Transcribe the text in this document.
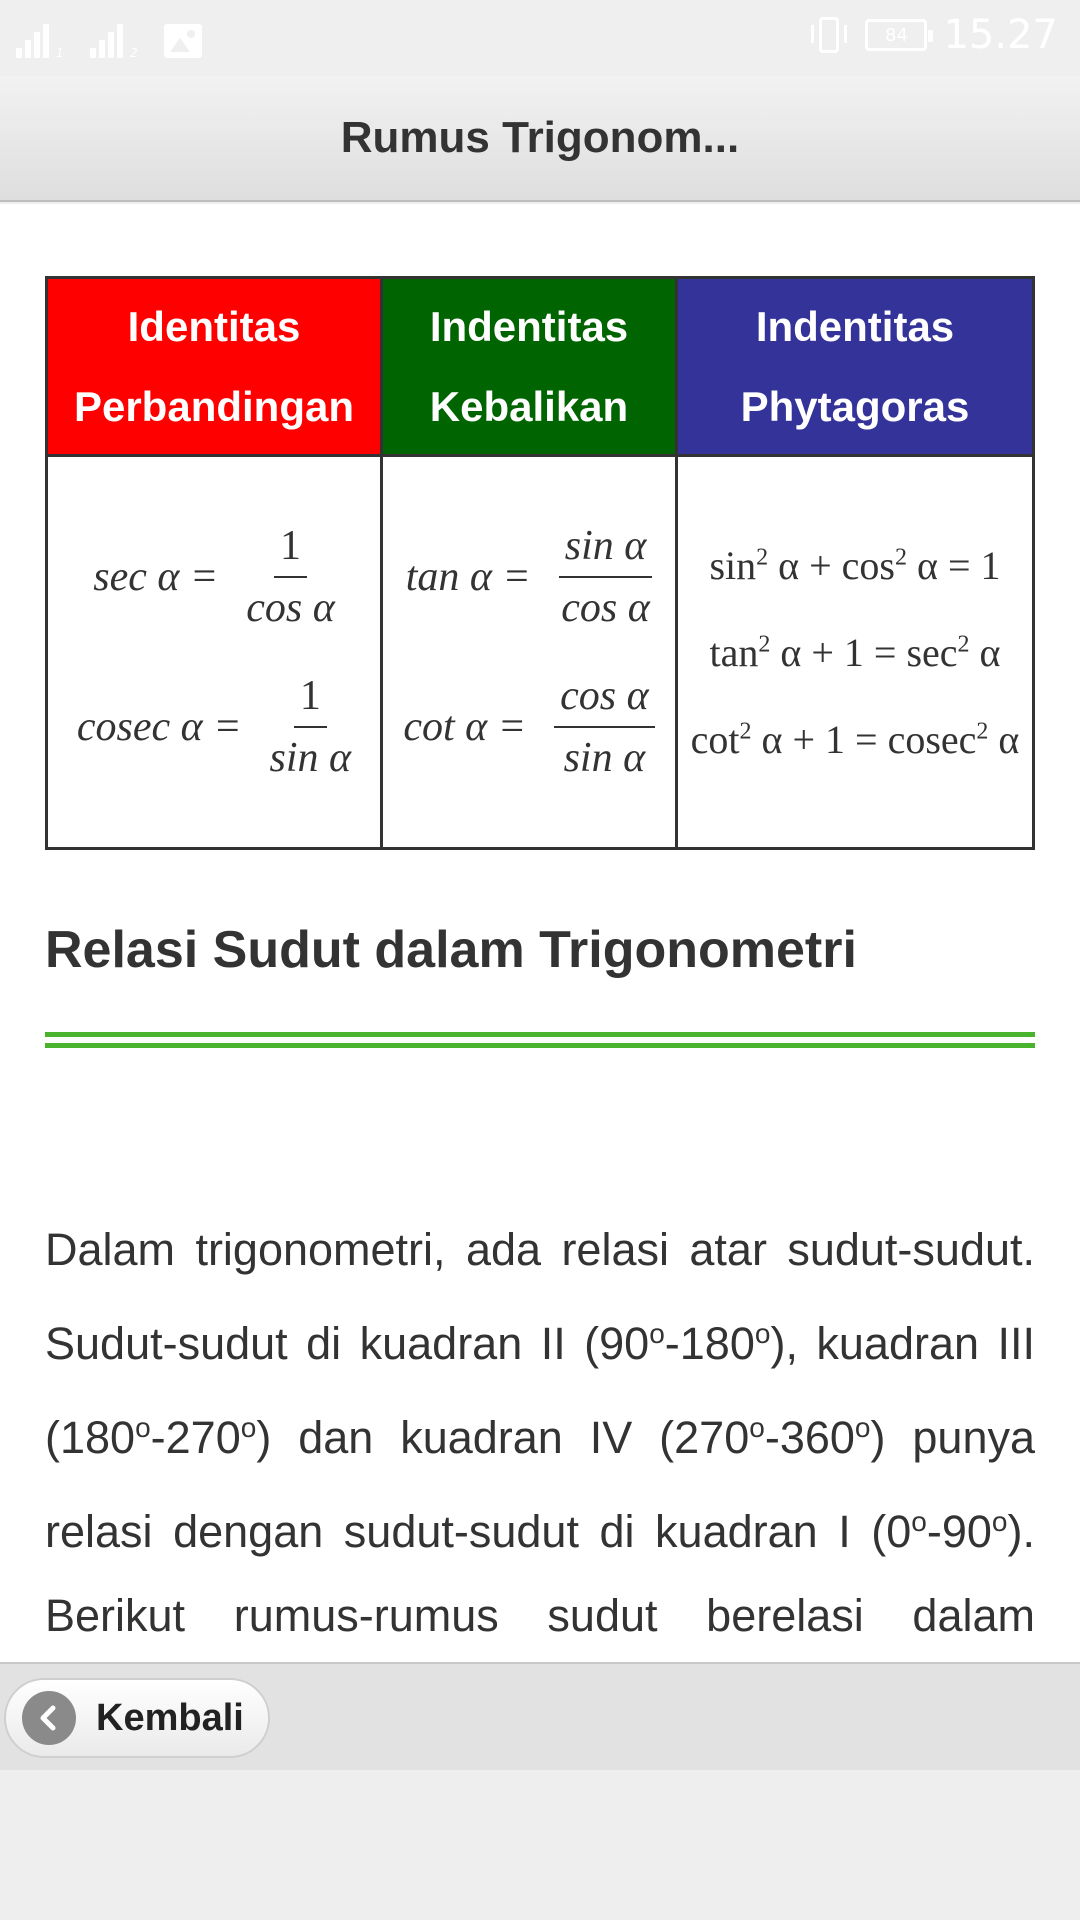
1	2
84 15.27
Rumus Trigonom...
Identitas
Perbandingan
Indentitas
Kebalikan
Indentitas
Phytagoras
$\sec \alpha = \frac{1}{\text{cos α}}$
cosec $\alpha = \frac{1}{\text{sin α}}$
$\tan \alpha = \frac{\text{sin α}}{\text{cos α}}$
$\cot \alpha = \frac{\text{cos α}}{\text{sin α}}$
$\sin^2 \alpha + \cos^2 \alpha = 1$
$\tan^2 \alpha + 1 = \sec^2 \alpha$
$\cot^2 \alpha + 1 = cosec^2$ α
Relasi Sudut dalam Trigonometri

Dalam trigonometri, ada relasi atar sudut-sudut. Sudut-sudut di kuadran II (90$^o$-180$^o$), kuadran III (180$^o$-270$^o$) dan kuadran IV (270$^o$-360$^o$) punya relasi dengan sudut-sudut di kuadran I (0$^o$-90$^o$). Berikut rumus-rumus sudut berelasi dalam

Kembali
